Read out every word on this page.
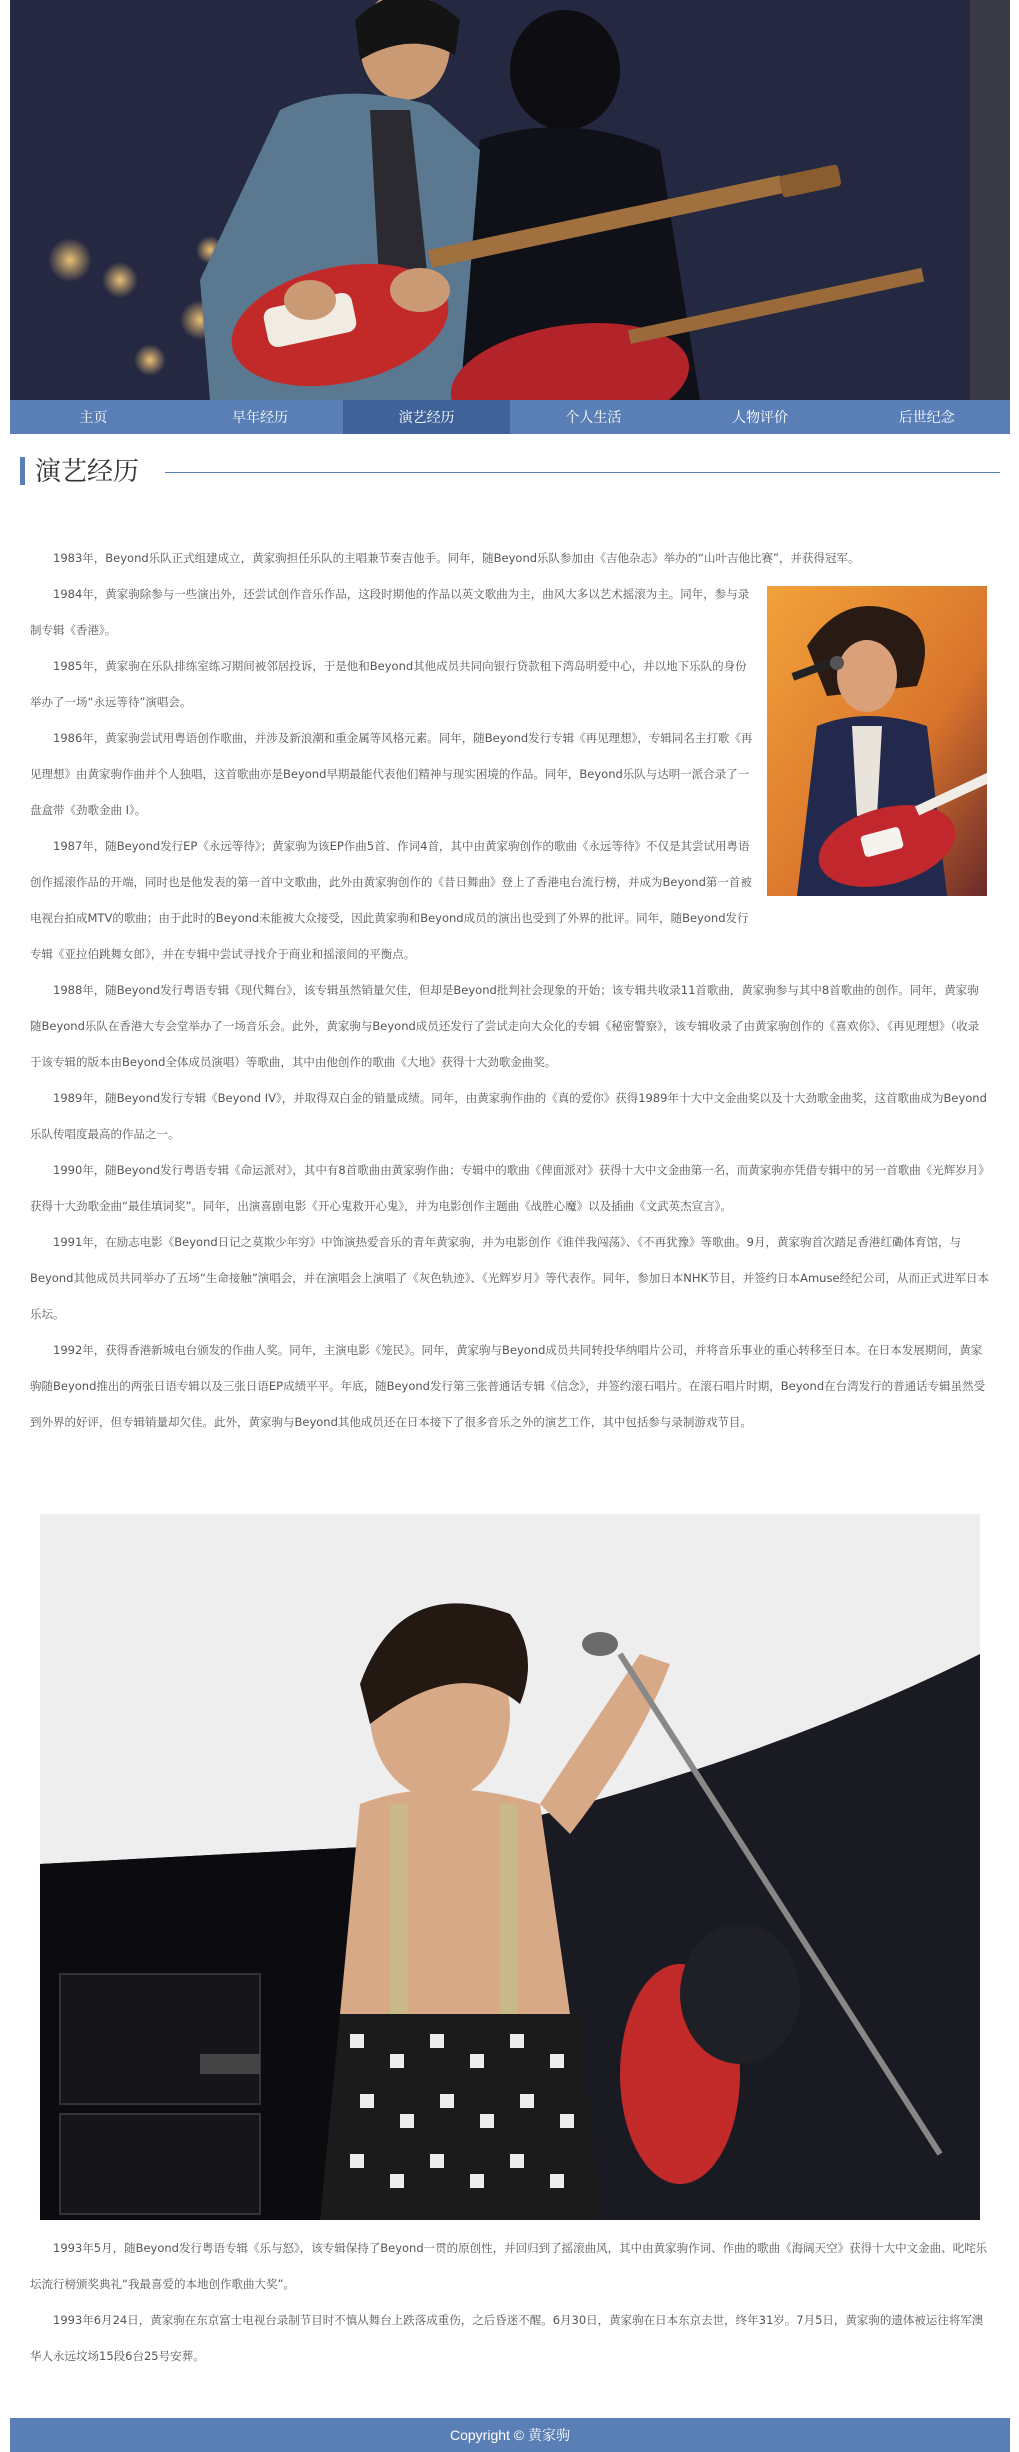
主页	早年经历	演艺经历	个人生活	人物评价	后世纪念
演艺经历

1983年，Beyond乐队正式组建成立，黄家驹担任乐队的主唱兼节奏吉他手。同年，随Beyond乐队参加由《吉他杂志》举办的“山叶吉他比赛”，并获得冠军。

1984年，黄家驹除参与一些演出外，还尝试创作音乐作品，这段时期他的作品以英文歌曲为主，曲风大多以艺术摇滚为主。同年，参与录制专辑《香港》。

1985年，黄家驹在乐队排练室练习期间被邻居投诉，于是他和Beyond其他成员共同向银行贷款租下湾岛明爱中心，并以地下乐队的身份举办了一场“永远等待”演唱会。

1986年，黄家驹尝试用粤语创作歌曲，并涉及新浪潮和重金属等风格元素。同年，随Beyond发行专辑《再见理想》，专辑同名主打歌《再见理想》由黄家驹作曲并个人独唱，这首歌曲亦是Beyond早期最能代表他们精神与现实困境的作品。同年，Beyond乐队与达明一派合录了一盘盒带《劲歌金曲 I》。

1987年，随Beyond发行EP《永远等待》；黄家驹为该EP作曲5首、作词4首，其中由黄家驹创作的歌曲《永远等待》不仅是其尝试用粤语创作摇滚作品的开端，同时也是他发表的第一首中文歌曲，此外由黄家驹创作的《昔日舞曲》登上了香港电台流行榜，并成为Beyond第一首被电视台拍成MTV的歌曲；由于此时的Beyond未能被大众接受，因此黄家驹和Beyond成员的演出也受到了外界的批评。同年，随Beyond发行专辑《亚拉伯跳舞女郎》，并在专辑中尝试寻找介于商业和摇滚间的平衡点。

1988年，随Beyond发行粤语专辑《现代舞台》，该专辑虽然销量欠佳，但却是Beyond批判社会现象的开始；该专辑共收录11首歌曲，黄家驹参与其中8首歌曲的创作。同年，黄家驹随Beyond乐队在香港大专会堂举办了一场音乐会。此外，黄家驹与Beyond成员还发行了尝试走向大众化的专辑《秘密警察》，该专辑收录了由黄家驹创作的《喜欢你》、《再见理想》（收录于该专辑的版本由Beyond全体成员演唱）等歌曲，其中由他创作的歌曲《大地》获得十大劲歌金曲奖。

1989年，随Beyond发行专辑《Beyond IV》，并取得双白金的销量成绩。同年，由黄家驹作曲的《真的爱你》获得1989年十大中文金曲奖以及十大劲歌金曲奖，这首歌曲成为Beyond乐队传唱度最高的作品之一。

1990年，随Beyond发行粤语专辑《命运派对》，其中有8首歌曲由黄家驹作曲；专辑中的歌曲《俾面派对》获得十大中文金曲第一名，而黄家驹亦凭借专辑中的另一首歌曲《光辉岁月》获得十大劲歌金曲“最佳填词奖”。同年，出演喜剧电影《开心鬼救开心鬼》，并为电影创作主题曲《战胜心魔》以及插曲《文武英杰宣言》。

1991年，在励志电影《Beyond日记之莫欺少年穷》中饰演热爱音乐的青年黄家驹，并为电影创作《谁伴我闯荡》、《不再犹豫》等歌曲。9月，黄家驹首次踏足香港红磡体育馆，与Beyond其他成员共同举办了五场“生命接触”演唱会，并在演唱会上演唱了《灰色轨迹》、《光辉岁月》等代表作。同年，参加日本NHK节目，并签约日本Amuse经纪公司，从而正式进军日本乐坛。

1992年，获得香港新城电台颁发的作曲人奖。同年，主演电影《笼民》。同年，黄家驹与Beyond成员共同转投华纳唱片公司，并将音乐事业的重心转移至日本。在日本发展期间，黄家驹随Beyond推出的两张日语专辑以及三张日语EP成绩平平。年底，随Beyond发行第三张普通话专辑《信念》，并签约滚石唱片。在滚石唱片时期，Beyond在台湾发行的普通话专辑虽然受到外界的好评，但专辑销量却欠佳。此外，黄家驹与Beyond其他成员还在日本接下了很多音乐之外的演艺工作，其中包括参与录制游戏节目。

1993年5月，随Beyond发行粤语专辑《乐与怒》，该专辑保持了Beyond一贯的原创性，并回归到了摇滚曲风，其中由黄家驹作词、作曲的歌曲《海阔天空》获得十大中文金曲、叱咤乐坛流行榜颁奖典礼“我最喜爱的本地创作歌曲大奖”。

1993年6月24日，黄家驹在东京富士电视台录制节目时不慎从舞台上跌落成重伤，之后昏迷不醒。6月30日，黄家驹在日本东京去世，终年31岁。7月5日，黄家驹的遗体被运往将军澳华人永远坟场15段6台25号安葬。

Copyright © 黄家驹
